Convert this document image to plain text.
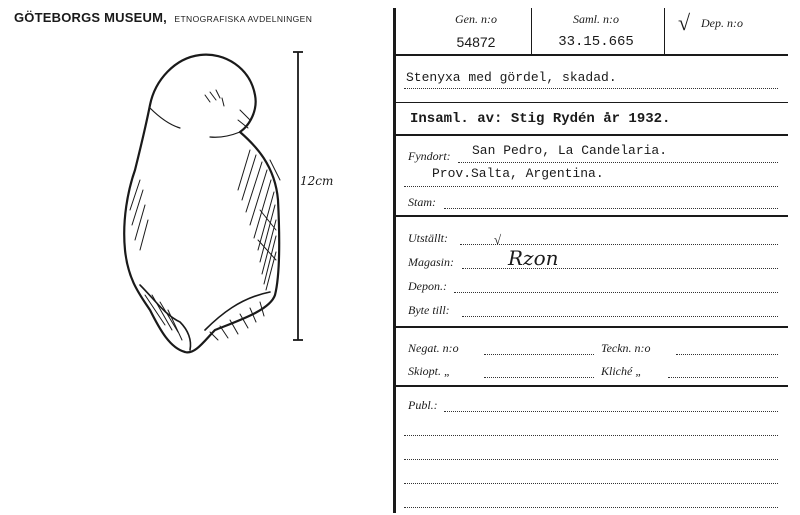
GÖTEBORGS MUSEUM, ETNOGRAFISKA AVDELNINGEN
12cm
Gen. n:o
54872
Saml. n:o
33.15.665
√ Dep. n:o
Stenyxa med gördel, skadad.
Insaml. av: Stig Rydén år 1932.
Fyndort: San Pedro, La Candelaria.
Prov.Salta, Argentina.
Stam:
Utställt:	√
Magasin:	Rzon
Depon.:
Byte till:
Negat. n:o	Teckn. n:o
Skiopt. „	Kliché „
Publ.:
